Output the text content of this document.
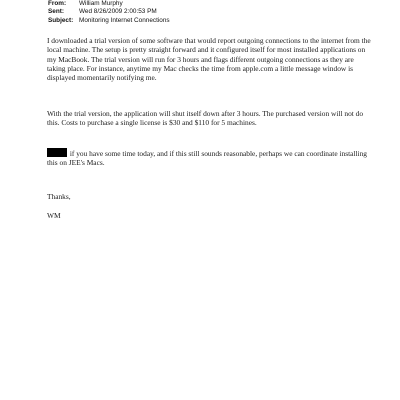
From:	William Murphy
Sent:	Wed 8/26/2009 2:00:53 PM
Subject: Monitoring Internet Connections

I downloaded a trial version of some software that would report outgoing connections to the internet from the local machine. The setup is pretty straight forward and it configured itself for most installed applications on my MacBook. The trial version will run for 3 hours and flags different outgoing connections as they are taking place. For instance, anytime my Mac checks the time from apple.com a little message window is displayed momentarily notifying me.

With the trial version, the application will shut itself down after 3 hours. The purchased version will not do this. Costs to purchase a single license is $30 and $110 for 5 machines.

if you have some time today, and if this still sounds reasonable, perhaps we can coordinate installing this on JEE's Macs.

Thanks,

WM
